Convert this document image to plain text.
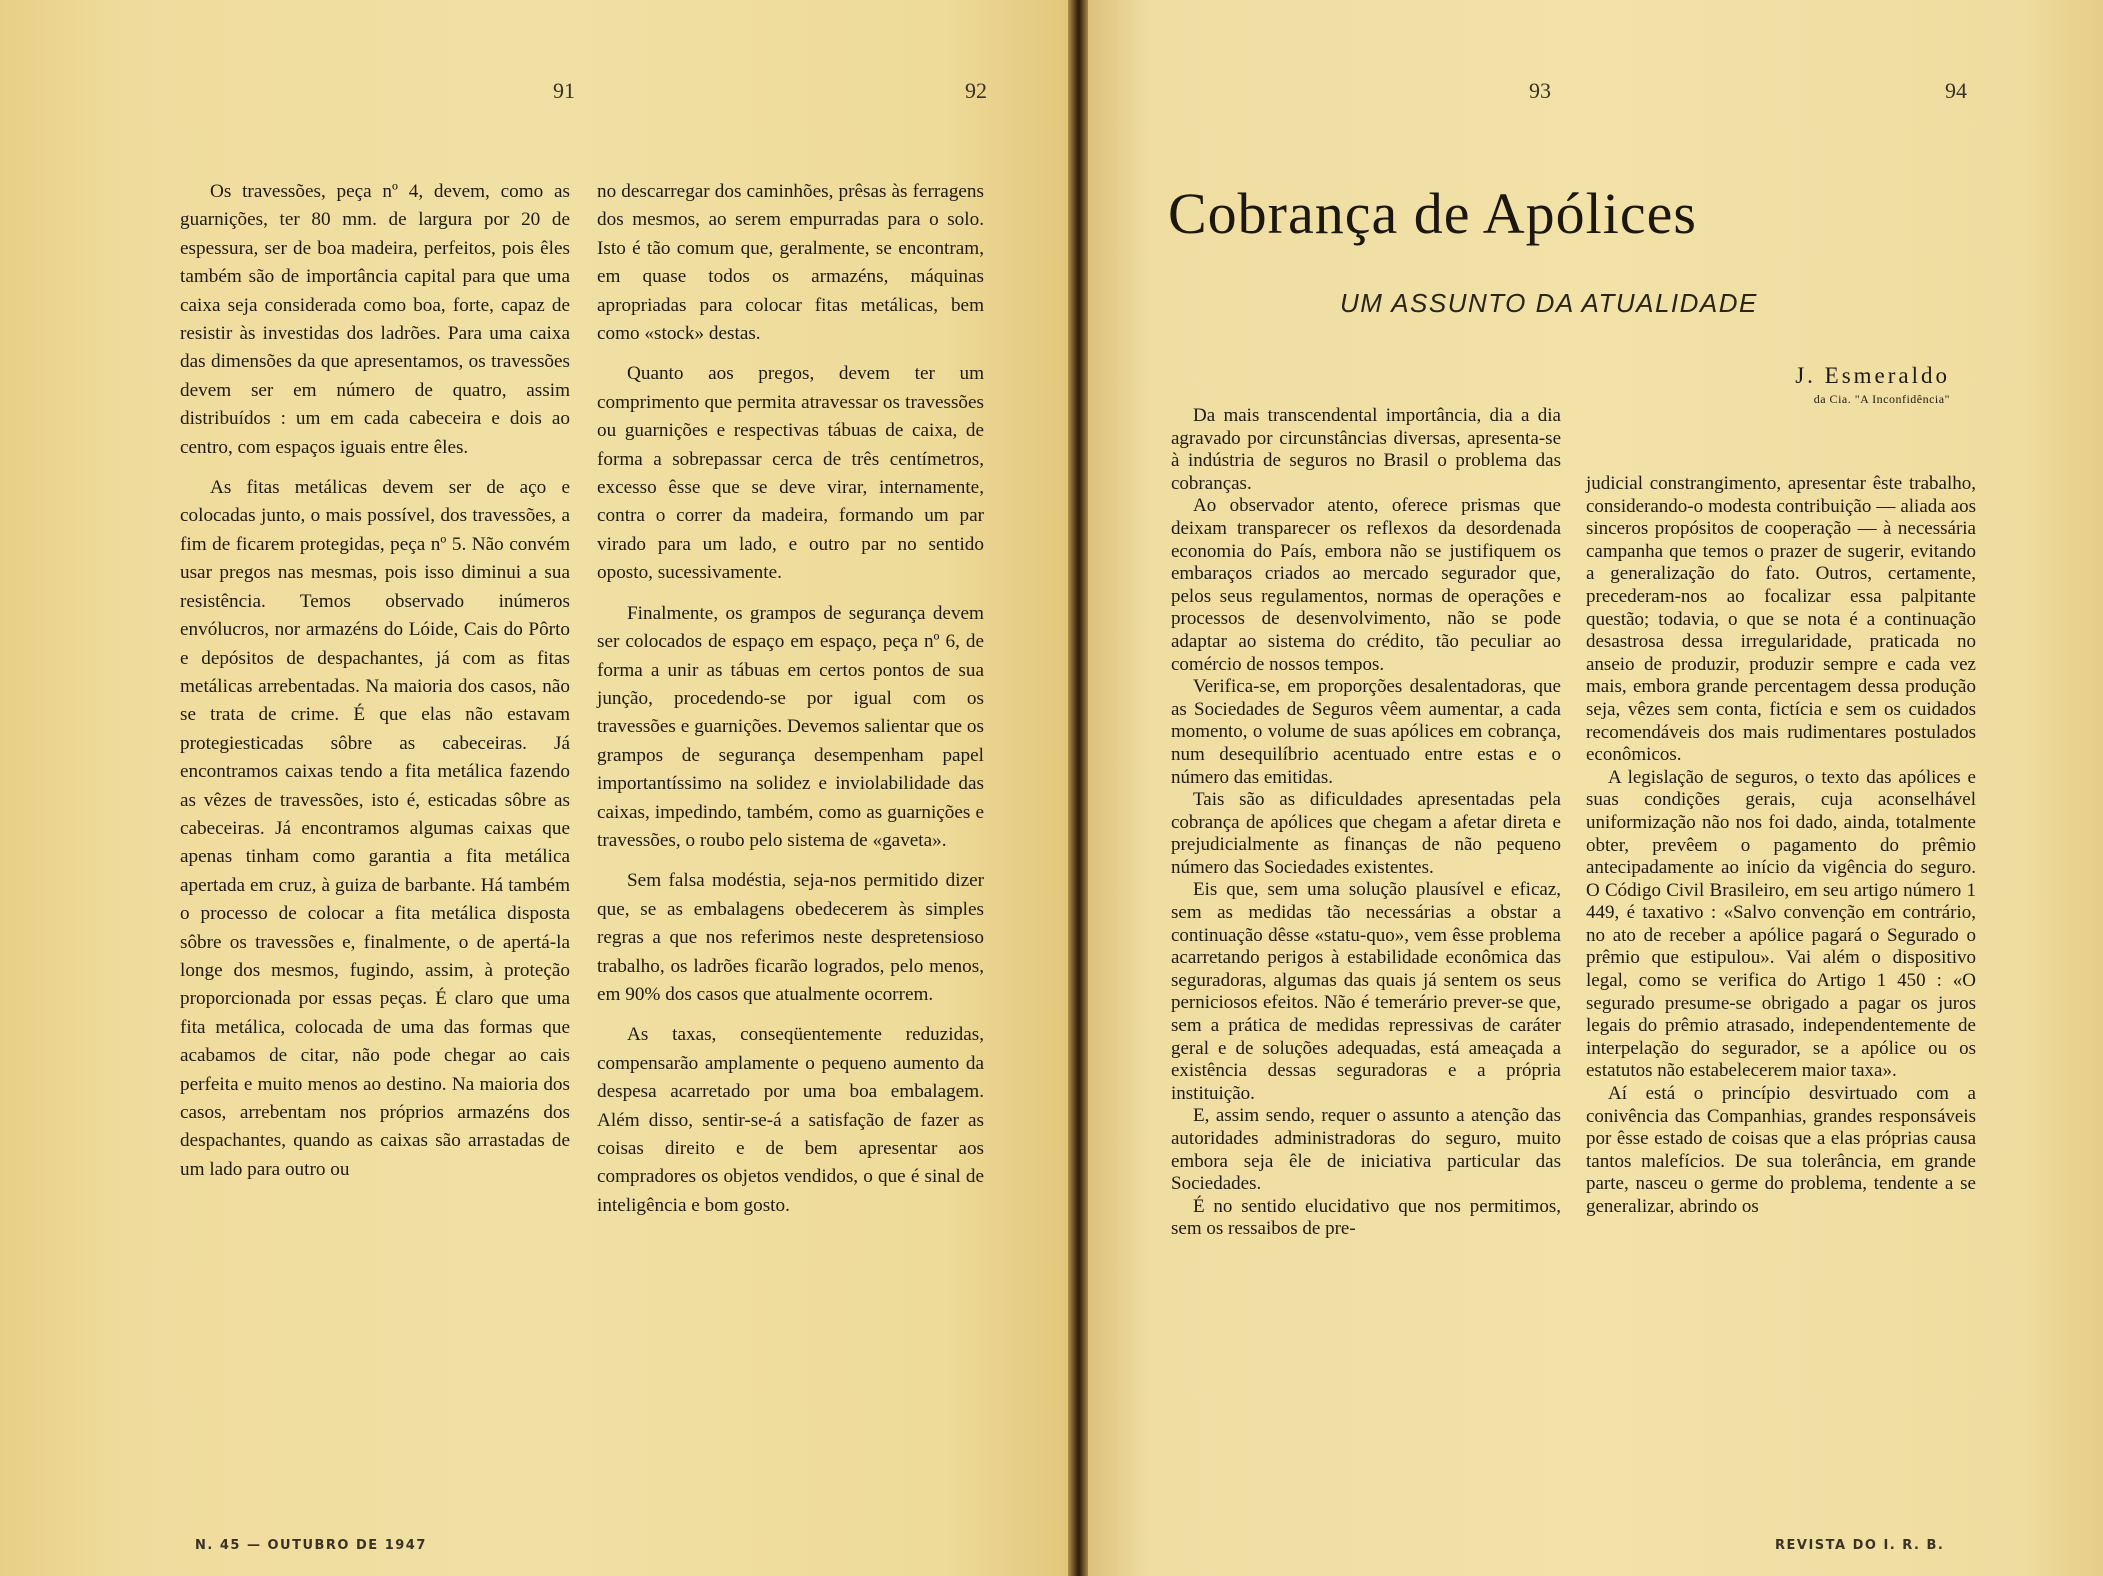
91	92

Os travessões, peça nº 4, devem, como as guarnições, ter 80 mm. de largura por 20 de espessura, ser de boa madeira, perfeitos, pois êles também são de importância capital para que uma caixa seja considerada como boa, forte, capaz de resistir às investidas dos ladrões. Para uma caixa das dimensões da que apresentamos, os travessões devem ser em número de quatro, assim distribuídos : um em cada cabeceira e dois ao centro, com espaços iguais entre êles.

As fitas metálicas devem ser de aço e colocadas junto, o mais possível, dos travessões, a fim de ficarem protegidas, peça nº 5. Não convém usar pregos nas mesmas, pois isso diminui a sua resistência. Temos observado inúmeros envólucros, nor armazéns do Lóide, Cais do Pôrto e depósitos de despachantes, já com as fitas metálicas arrebentadas. Na maioria dos casos, não se trata de crime. É que elas não estavam protegiesticadas sôbre as cabeceiras. Já encontramos caixas tendo a fita metálica fazendo as vêzes de travessões, isto é, esticadas sôbre as cabeceiras. Já encontramos algumas caixas que apenas tinham como garantia a fita metálica apertada em cruz, à guiza de barbante. Há também o processo de colocar a fita metálica disposta sôbre os travessões e, finalmente, o de apertá-la longe dos mesmos, fugindo, assim, à proteção proporcionada por essas peças. É claro que uma fita metálica, colocada de uma das formas que acabamos de citar, não pode chegar ao cais perfeita e muito menos ao destino. Na maioria dos casos, arrebentam nos próprios armazéns dos despachantes, quando as caixas são arrastadas de um lado para outro ou

no descarregar dos caminhões, prêsas às ferragens dos mesmos, ao serem empurradas para o solo. Isto é tão comum que, geralmente, se encontram, em quase todos os armazéns, máquinas apropriadas para colocar fitas metálicas, bem como «stock» destas.

Quanto aos pregos, devem ter um comprimento que permita atravessar os travessões ou guarnições e respectivas tábuas de caixa, de forma a sobrepassar cerca de três centímetros, excesso êsse que se deve virar, internamente, contra o correr da madeira, formando um par virado para um lado, e outro par no sentido oposto, sucessivamente.

Finalmente, os grampos de segurança devem ser colocados de espaço em espaço, peça nº 6, de forma a unir as tábuas em certos pontos de sua junção, procedendo-se por igual com os travessões e guarnições. Devemos salientar que os grampos de segurança desempenham papel importantíssimo na solidez e inviolabilidade das caixas, impedindo, também, como as guarnições e travessões, o roubo pelo sistema de «gaveta».

Sem falsa modéstia, seja-nos permitido dizer que, se as embalagens obedecerem às simples regras a que nos referimos neste despretensioso trabalho, os ladrões ficarão logrados, pelo menos, em 90% dos casos que atualmente ocorrem.

As taxas, conseqüentemente reduzidas, compensarão amplamente o pequeno aumento da despesa acarretado por uma boa embalagem. Além disso, sentir-se-á a satisfação de fazer as coisas direito e de bem apresentar aos compradores os objetos vendidos, o que é sinal de inteligência e bom gosto.

N. 45 — OUTUBRO DE 1947
93	94
Cobrança de Apólices
UM ASSUNTO DA ATUALIDADE
J. Esmeraldo
da Cia. "A Inconfidência"

Da mais transcendental importância, dia a dia agravado por circunstâncias diversas, apresenta-se à indústria de seguros no Brasil o problema das cobranças.

Ao observador atento, oferece prismas que deixam transparecer os reflexos da desordenada economia do País, embora não se justifiquem os embaraços criados ao mercado segurador que, pelos seus regulamentos, normas de operações e processos de desenvolvimento, não se pode adaptar ao sistema do crédito, tão peculiar ao comércio de nossos tempos.

Verifica-se, em proporções desalentadoras, que as Sociedades de Seguros vêem aumentar, a cada momento, o volume de suas apólices em cobrança, num desequilíbrio acentuado entre estas e o número das emitidas.

Tais são as dificuldades apresentadas pela cobrança de apólices que chegam a afetar direta e prejudicialmente as finanças de não pequeno número das Sociedades existentes.

Eis que, sem uma solução plausível e eficaz, sem as medidas tão necessárias a obstar a continuação dêsse «statu-quo», vem êsse problema acarretando perigos à estabilidade econômica das seguradoras, algumas das quais já sentem os seus perniciosos efeitos. Não é temerário prever-se que, sem a prática de medidas repressivas de caráter geral e de soluções adequadas, está ameaçada a existência dessas seguradoras e a própria instituição.

E, assim sendo, requer o assunto a atenção das autoridades administradoras do seguro, muito embora seja êle de iniciativa particular das Sociedades.

É no sentido elucidativo que nos permitimos, sem os ressaibos de pre-

judicial constrangimento, apresentar êste trabalho, considerando-o modesta contribuição — aliada aos sinceros propósitos de cooperação — à necessária campanha que temos o prazer de sugerir, evitando a generalização do fato. Outros, certamente, precederam-nos ao focalizar essa palpitante questão; todavia, o que se nota é a continuação desastrosa dessa irregularidade, praticada no anseio de produzir, produzir sempre e cada vez mais, embora grande percentagem dessa produção seja, vêzes sem conta, fictícia e sem os cuidados recomendáveis dos mais rudimentares postulados econômicos.

A legislação de seguros, o texto das apólices e suas condições gerais, cuja aconselhável uniformização não nos foi dado, ainda, totalmente obter, prevêem o pagamento do prêmio antecipadamente ao início da vigência do seguro. O Código Civil Brasileiro, em seu artigo número 1 449, é taxativo : «Salvo convenção em contrário, no ato de receber a apólice pagará o Segurado o prêmio que estipulou». Vai além o dispositivo legal, como se verifica do Artigo 1 450 : «O segurado presume-se obrigado a pagar os juros legais do prêmio atrasado, independentemente de interpelação do segurador, se a apólice ou os estatutos não estabelecerem maior taxa».

Aí está o princípio desvirtuado com a conivência das Companhias, grandes responsáveis por êsse estado de coisas que a elas próprias causa tantos malefícios. De sua tolerância, em grande parte, nasceu o germe do problema, tendente a se generalizar, abrindo os

REVISTA DO I. R. B.
